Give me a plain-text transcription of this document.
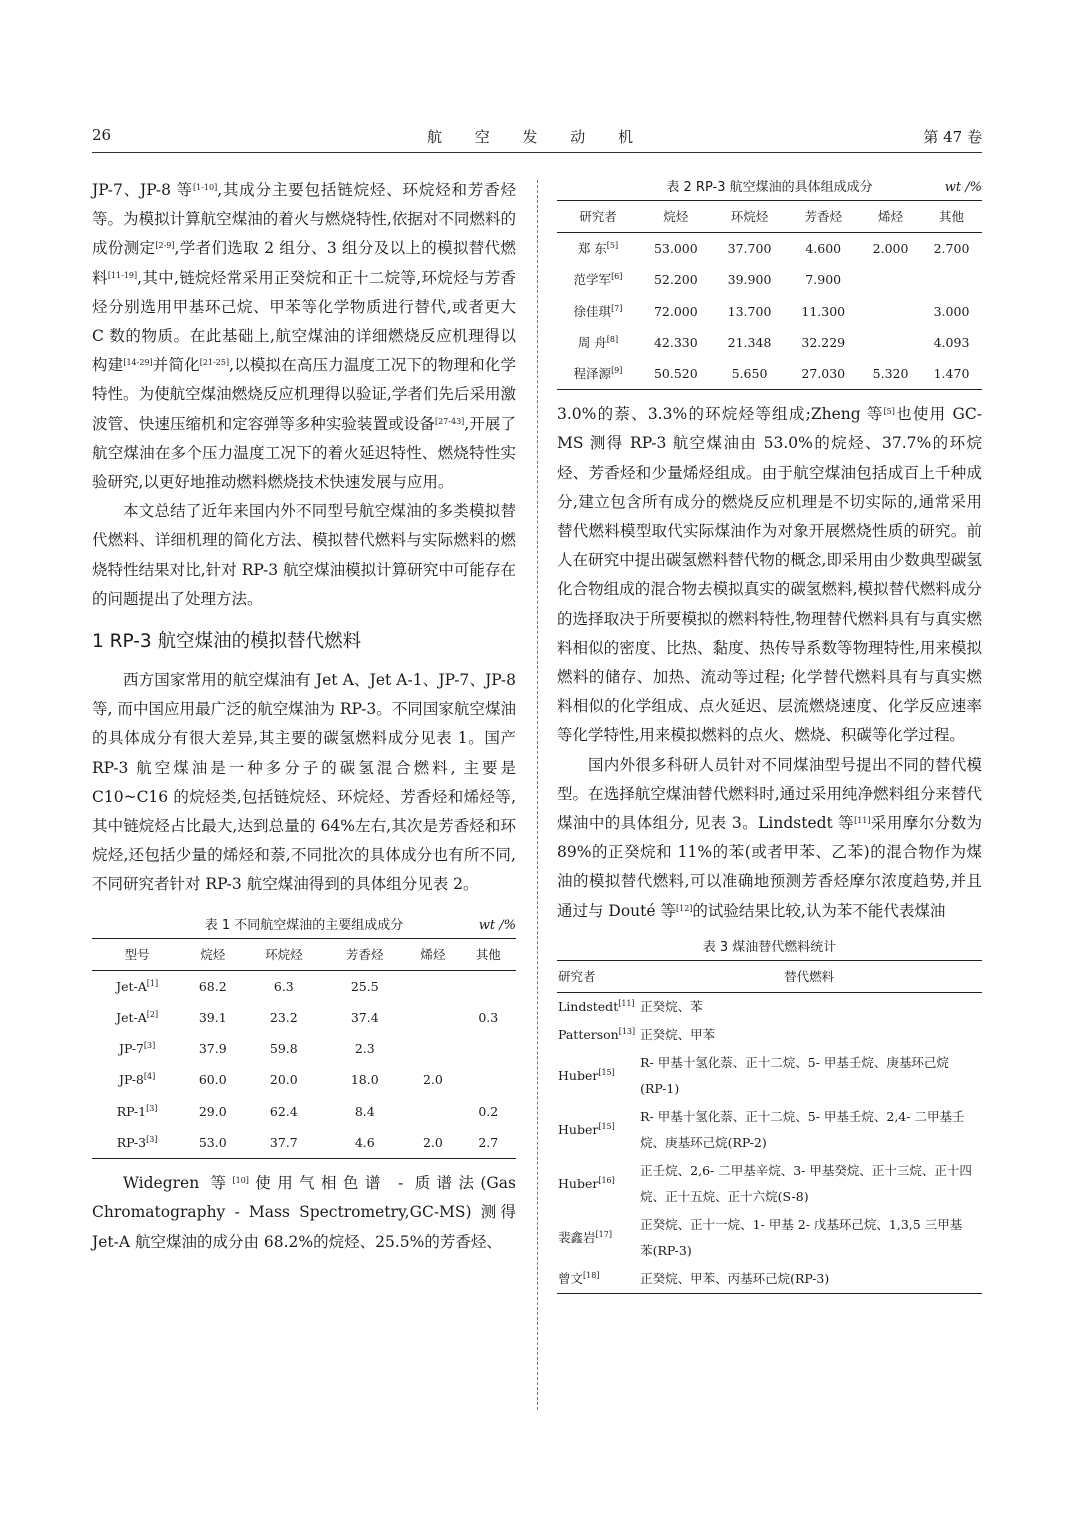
26	航 空 发 动 机	第 47 卷

JP-7、JP-8 等[1-10],其成分主要包括链烷烃、环烷烃和芳香烃等。为模拟计算航空煤油的着火与燃烧特性,依据对不同燃料的成份测定[2-9],学者们选取 2 组分、3 组分及以上的模拟替代燃料[11-19],其中,链烷烃常采用正癸烷和正十二烷等,环烷烃与芳香烃分别选用甲基环己烷、甲苯等化学物质进行替代,或者更大 C 数的物质。在此基础上,航空煤油的详细燃烧反应机理得以构建[14-29]并简化[21-25],以模拟在高压力温度工况下的物理和化学特性。为使航空煤油燃烧反应机理得以验证,学者们先后采用激波管、快速压缩机和定容弹等多种实验装置或设备[27-43],开展了航空煤油在多个压力温度工况下的着火延迟特性、燃烧特性实验研究,以更好地推动燃料燃烧技术快速发展与应用。

本文总结了近年来国内外不同型号航空煤油的多类模拟替代燃料、详细机理的简化方法、模拟替代燃料与实际燃料的燃烧特性结果对比,针对 RP-3 航空煤油模拟计算研究中可能存在的问题提出了处理方法。

1 RP-3 航空煤油的模拟替代燃料

西方国家常用的航空煤油有 Jet A、Jet A-1、JP-7、JP-8 等, 而中国应用最广泛的航空煤油为 RP-3。不同国家航空煤油的具体成分有很大差异,其主要的碳氢燃料成分见表 1。国产 RP-3 航空煤油是一种多分子的碳氢混合燃料, 主要是 C10~C16 的烷烃类,包括链烷烃、环烷烃、芳香烃和烯烃等,其中链烷烃占比最大,达到总量的 64%左右,其次是芳香烃和环烷烃,还包括少量的烯烃和萘,不同批次的具体成分也有所不同,不同研究者针对 RP-3 航空煤油得到的具体组分见表 2。

表 1 不同航空煤油的主要组成成分	wt /%
型号	烷烃	环烷烃	芳香烃	烯烃	其他
Jet-A[1]	68.2	6.3	25.5		
Jet-A[2]	39.1	23.2	37.4		0.3
JP-7[3]	37.9	59.8	2.3		
JP-8[4]	60.0	20.0	18.0	2.0	
RP-1[3]	29.0	62.4	8.4		0.2
RP-3[3]	53.0	37.7	4.6	2.0	2.7

Widegren 等[10]使用气相色谱 - 质谱法(Gas Chromatography - Mass Spectrometry,GC-MS) 测得 Jet-A 航空煤油的成分由 68.2%的烷烃、25.5%的芳香烃、

表 2 RP-3 航空煤油的具体组成成分	wt /%
研究者	烷烃	环烷烃	芳香烃	烯烃	其他
郑 东[5]	53.000	37.700	4.600	2.000	2.700
范学军[6]	52.200	39.900	7.900		
徐佳琪[7]	72.000	13.700	11.300		3.000
周 舟[8]	42.330	21.348	32.229		4.093
程泽源[9]	50.520	5.650	27.030	5.320	1.470

3.0%的萘、3.3%的环烷烃等组成;Zheng 等[5]也使用 GC-MS 测得 RP-3 航空煤油由 53.0%的烷烃、37.7%的环烷烃、芳香烃和少量烯烃组成。由于航空煤油包括成百上千种成分,建立包含所有成分的燃烧反应机理是不切实际的,通常采用替代燃料模型取代实际煤油作为对象开展燃烧性质的研究。前人在研究中提出碳氢燃料替代物的概念,即采用由少数典型碳氢化合物组成的混合物去模拟真实的碳氢燃料,模拟替代燃料成分的选择取决于所要模拟的燃料特性,物理替代燃料具有与真实燃料相似的密度、比热、黏度、热传导系数等物理特性,用来模拟燃料的储存、加热、流动等过程; 化学替代燃料具有与真实燃料相似的化学组成、点火延迟、层流燃烧速度、化学反应速率等化学特性,用来模拟燃料的点火、燃烧、积碳等化学过程。

国内外很多科研人员针对不同煤油型号提出不同的替代模型。在选择航空煤油替代燃料时,通过采用纯净燃料组分来替代煤油中的具体组分, 见表 3。Lindstedt 等[11]采用摩尔分数为 89%的正癸烷和 11%的苯(或者甲苯、乙苯)的混合物作为煤油的模拟替代燃料,可以准确地预测芳香烃摩尔浓度趋势,并且通过与 Douté 等[12]的试验结果比较,认为苯不能代表煤油

表 3 煤油替代燃料统计
研究者	替代燃料
Lindstedt[11]	正癸烷、苯

Patterson[13]	正癸烷、甲苯

Huber[15]	R- 甲基十氢化萘、正十二烷、5- 甲基壬烷、庚基环己烷
(RP-1)

Huber[15]	R- 甲基十氢化萘、正十二烷、5- 甲基壬烷、2,4- 二甲基壬
烷、庚基环己烷(RP-2)

Huber[16]	正壬烷、2,6- 二甲基辛烷、3- 甲基癸烷、正十三烷、正十四
烷、正十五烷、正十六烷(S-8)

裴鑫岩[17]	正癸烷、正十一烷、1- 甲基 2- 戊基环己烷、1,3,5 三甲基
苯(RP-3)

曾文[18]	正癸烷、甲苯、丙基环己烷(RP-3)
